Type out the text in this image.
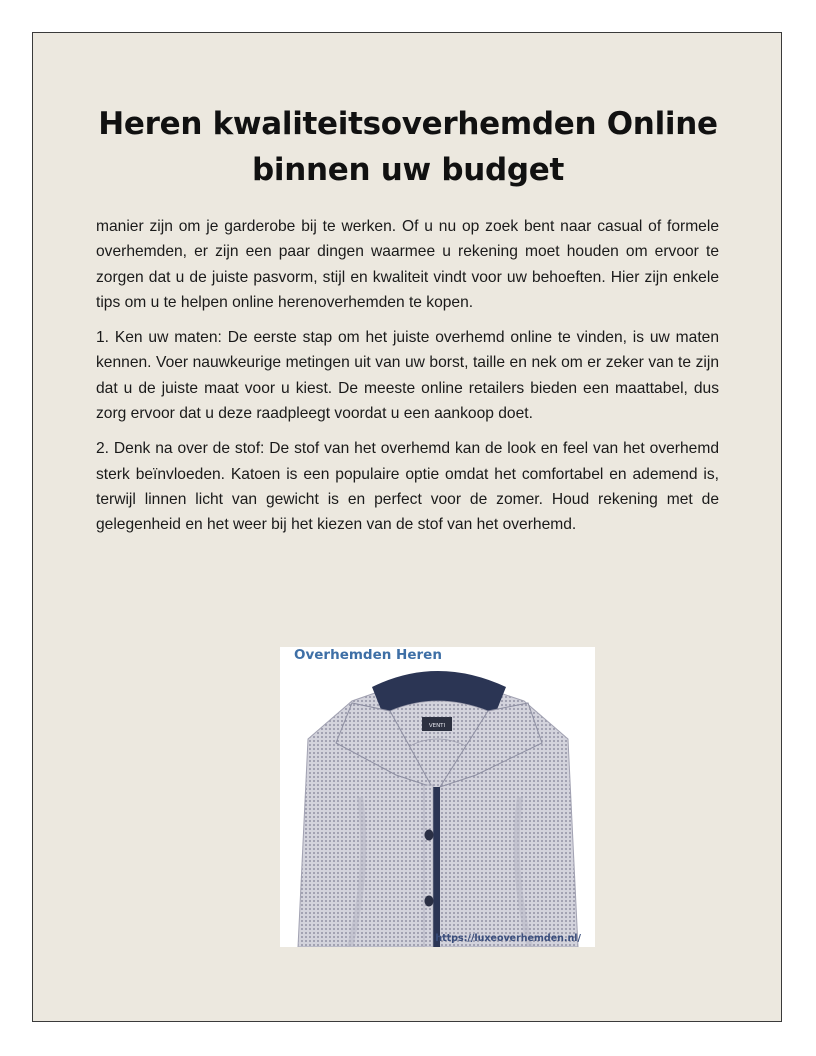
Heren kwaliteitsoverhemden Online binnen uw budget

manier zijn om je garderobe bij te werken. Of u nu op zoek bent naar casual of formele overhemden, er zijn een paar dingen waarmee u rekening moet houden om ervoor te zorgen dat u de juiste pasvorm, stijl en kwaliteit vindt voor uw behoeften. Hier zijn enkele tips om u te helpen online herenoverhemden te kopen.

1. Ken uw maten: De eerste stap om het juiste overhemd online te vinden, is uw maten kennen. Voer nauwkeurige metingen uit van uw borst, taille en nek om er zeker van te zijn dat u de juiste maat voor u kiest. De meeste online retailers bieden een maattabel, dus zorg ervoor dat u deze raadpleegt voordat u een aankoop doet.

2. Denk na over de stof: De stof van het overhemd kan de look en feel van het overhemd sterk beïnvloeden. Katoen is een populaire optie omdat het comfortabel en ademend is, terwijl linnen licht van gewicht is en perfect voor de zomer. Houd rekening met de gelegenheid en het weer bij het kiezen van de stof van het overhemd.

VENTI
Overhemden Heren
https://luxeoverhemden.nl/
